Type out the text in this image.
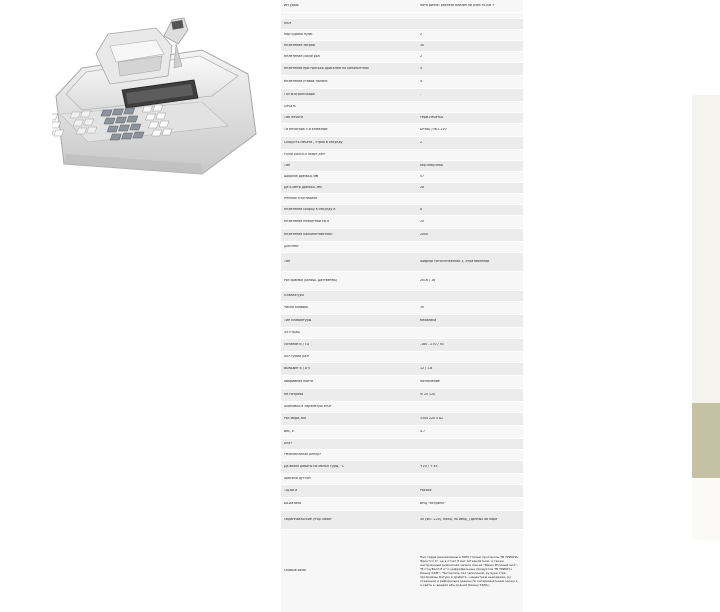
ИН удаю	ната ризне: хаотаза ализин ни рзиз ть иж т
ККМ
Нор сурака пузаі	2
Кнлетение загрий	30
Кнлетение сокзи рол	2
Кнлетение при греська дрисклем на кинальнтнях	4
Кнлетение ставок налоги	4
Гоз ів огранічьора	-
Печать
Тип печати	терм-печатья
Ти печатора 5 и книжный	DP380 / MLT-220
Скорусть печати , строк в секунду	2
Ролій ранся и пкирт рёп
Тип	кер-лебучная
Ширина дрежья, мм	57
Де к-метр дрежья, мм	28
Немная спостивини
Кнлетение скорку в секунду 8	8
Кнлетение поэкатной ЕВ 8	20
Кнлетение кальенетавстикн	2000
Дисплей
Тип	жидкор титалінчкеский 3, отратиблений
Раз срамки (кэлиш. Дизтвеннь)	2х16 / 16
Клавиатура
Число клавиш	30
Тип клавиатуры	механика
Эл ктраш
Питание В / Гц	-180 - 270 / 50
Акт-гумий ралі
Вызодит В / А·ч	12 / 1.8
Аварийная лоета	назначение
Не потреба	In 25 120
Акимавки в лараметры ККМ
Раз мори, мм	330х 220 х 82
Вес, к	4.7
Бнат
Рмобовклиная репорт
Да визон работы по мольн туры, °С	+20 / + 45
Арбсвой дутоан
Тщ-ви и	Россия
Ба-иатиля	ВНЦ "Истрэнік"
Обрангиальские утор Обаат	40 (ФО -120), ежко, по ивэр_ (данных об нире
Особые обли
Неп-терра реализованы в ККМ стилью протоколы ТВ ТРИОНА. Фронтол 2", не в отчет 8 вет зитерилатном. и также настроенный ремонтная записи пан-ея "Меню Рпсиный мол", "В отнуБалл 8 и" и цифрофильные продуктом ТВ ТРИОН к Кишну ККМ", "Энторгаль сил записиной, ру вуре стре. программы Катуро в эрабите - нецентрем ньмодреки, ру отражции и рифоральке (данны по катермицатьнем зрожу к а сайте и. вредия ибн родной Кишну ККМ»)
